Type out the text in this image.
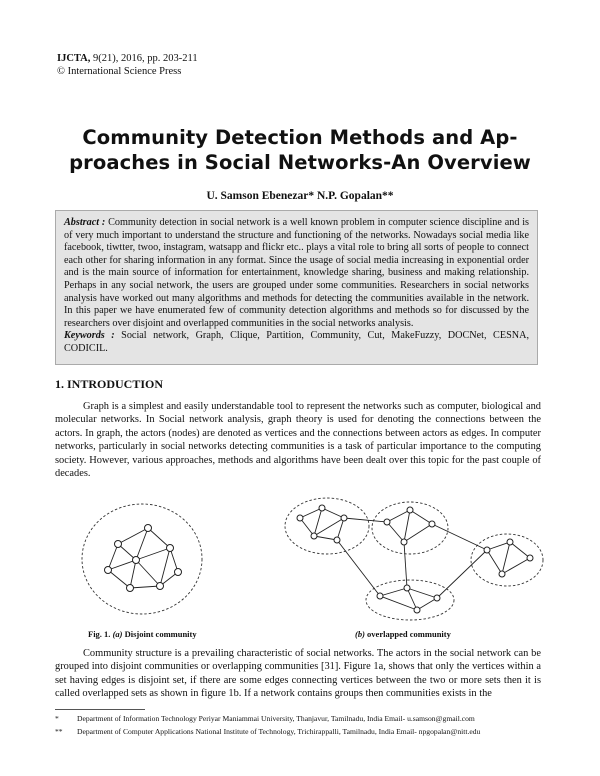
IJCTA, 9(21), 2016, pp. 203-211
© International Science Press
Community Detection Methods and Ap-
proaches in Social Networks-An Overview
U. Samson Ebenezar* N.P. Gopalan**
Abstract : Community detection in social network is a well known problem in computer science discipline and is of very much important to understand the structure and functioning of the networks. Nowadays social media like facebook, tiwtter, twoo, instagram, watsapp and flickr etc.. plays a vital role to bring all sorts of people to connect each other for sharing information in any format. Since the usage of social media increasing in exponential order and is the main source of information for entertainment, knowledge sharing, business and making relationship. Perhaps in any social network, the users are grouped under some communities. Researchers in social networks analysis have worked out many algorithms and methods for detecting the communities available in the network. In this paper we have enumerated few of community detection algorithms and methods so for discussed by the researchers over disjoint and overlapped communities in the social networks analysis.
Keywords : Social network, Graph, Clique, Partition, Community, Cut, MakeFuzzy, DOCNet, CESNA, CODICIL.
1. INTRODUCTION
Graph is a simplest and easily understandable tool to represent the networks such as computer, biological and molecular networks. In Social network analysis, graph theory is used for denoting the connections between the actors. In graph, the actors (nodes) are denoted as vertices and the connections between actors as edges. In computer networks, particularly in social networks detecting communities is a task of particular importance to the computing society. However, various approaches, methods and algorithms have been dealt over this topic for the past couple of decades.
Fig. 1. (a) Disjoint community	(b) overlapped community
Community structure is a prevailing characteristic of social networks. The actors in the social network can be grouped into disjoint communities or overlapping communities [31]. Figure 1a, shows that only the vertices within a set having edges is disjoint set, if there are some edges connecting vertices between the two or more sets then it is called overlapped sets as shown in figure 1b. If a network contains groups then communities exists in the
* Department of Information Technology Periyar Maniammai University, Thanjavur, Tamilnadu, India Email- u.samson@gmail.com
** Department of Computer Applications National Institute of Technology, Trichirappalli, Tamilnadu, India Email- npgopalan@nitt.edu
